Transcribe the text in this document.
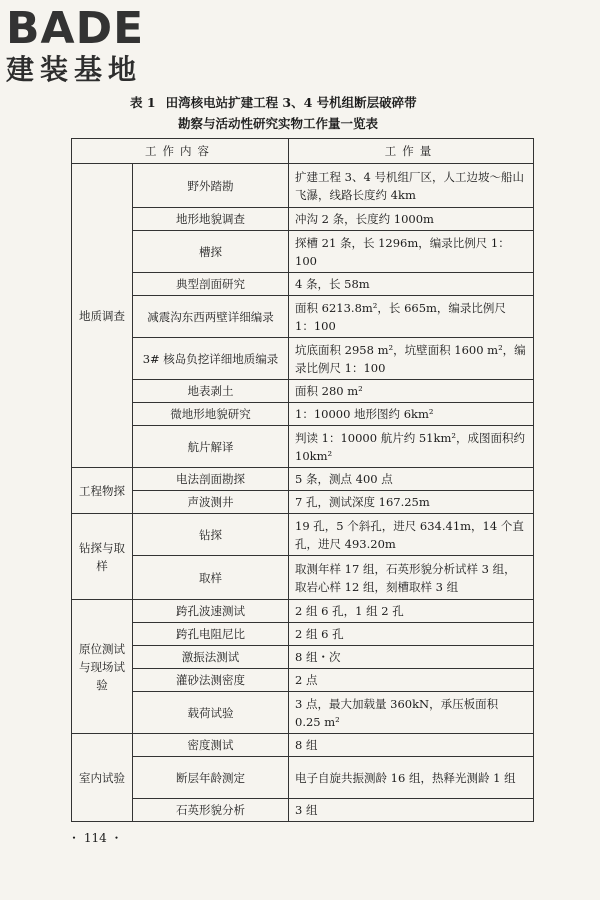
BADE
建装基地
表 1 田湾核电站扩建工程 3、4 号机组断层破碎带
勘察与活动性研究实物工作量一览表
工作内容		工作量
地质调查	野外踏勘	扩建工程 3、4 号机组厂区，人工边坡～船山飞瀑，线路长度约 4km
	地形地貌调查	冲沟 2 条，长度约 1000m
	槽探	探槽 21 条，长 1296m，编录比例尺 1：100
	典型剖面研究	4 条，长 58m
	减震沟东西两壁详细编录	面积 6213.8m²，长 665m，编录比例尺 1：100
	3# 核岛负挖详细地质编录	坑底面积 2958 m²，坑壁面积 1600 m²，编录比例尺 1：100
	地表剥土	面积 280 m²
	微地形地貌研究	1：10000 地形图约 6km²
	航片解译	判读 1：10000 航片约 51km²，成图面积约 10km²
工程物探	电法剖面勘探	5 条，测点 400 点
	声波测井	7 孔，测试深度 167.25m
钻探与取样	钻探	19 孔，5 个斜孔，进尺 634.41m，14 个直孔，进尺 493.20m
	取样	取测年样 17 组，石英形貌分析试样 3 组，取岩心样 12 组，刻槽取样 3 组
原位测试与现场试验	跨孔波速测试	2 组 6 孔，1 组 2 孔
	跨孔电阻尼比	2 组 6 孔
	激振法测试	8 组・次
	灌砂法测密度	2 点
	载荷试验	3 点，最大加载量 360kN，承压板面积 0.25 m²
室内试验	密度测试	8 组
	断层年龄测定	电子自旋共振测龄 16 组，热释光测龄 1 组
	石英形貌分析	3 组
・ 114 ・
